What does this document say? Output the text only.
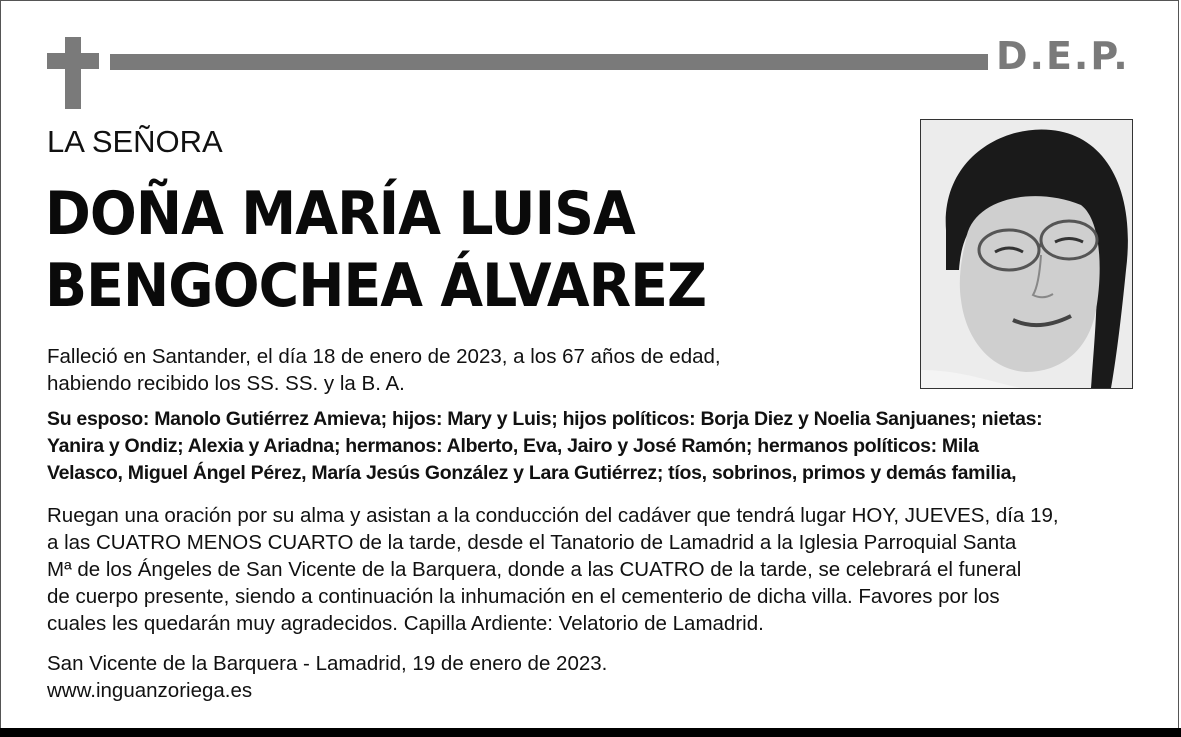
D.E.P.
LA SEÑORA
DOÑA MARÍA LUISA
BENGOCHEA ÁLVAREZ
Falleció en Santander, el día 18 de enero de 2023, a los 67 años de edad,
habiendo recibido los SS. SS. y la B. A.
Su esposo: Manolo Gutiérrez Amieva; hijos: Mary y Luis; hijos políticos: Borja Diez y Noelia Sanjuanes; nietas:
Yanira y Ondiz; Alexia y Ariadna; hermanos: Alberto, Eva, Jairo y José Ramón; hermanos políticos: Mila
Velasco, Miguel Ángel Pérez, María Jesús González y Lara Gutiérrez; tíos, sobrinos, primos y demás familia,
Ruegan una oración por su alma y asistan a la conducción del cadáver que tendrá lugar HOY, JUEVES, día 19,
a las CUATRO MENOS CUARTO de la tarde, desde el Tanatorio de Lamadrid a la Iglesia Parroquial Santa
Mª de los Ángeles de San Vicente de la Barquera, donde a las CUATRO de la tarde, se celebrará el funeral
de cuerpo presente, siendo a continuación la inhumación en el cementerio de dicha villa. Favores por los
cuales les quedarán muy agradecidos. Capilla Ardiente: Velatorio de Lamadrid.
San Vicente de la Barquera - Lamadrid, 19 de enero de 2023.
www.inguanzoriega.es
